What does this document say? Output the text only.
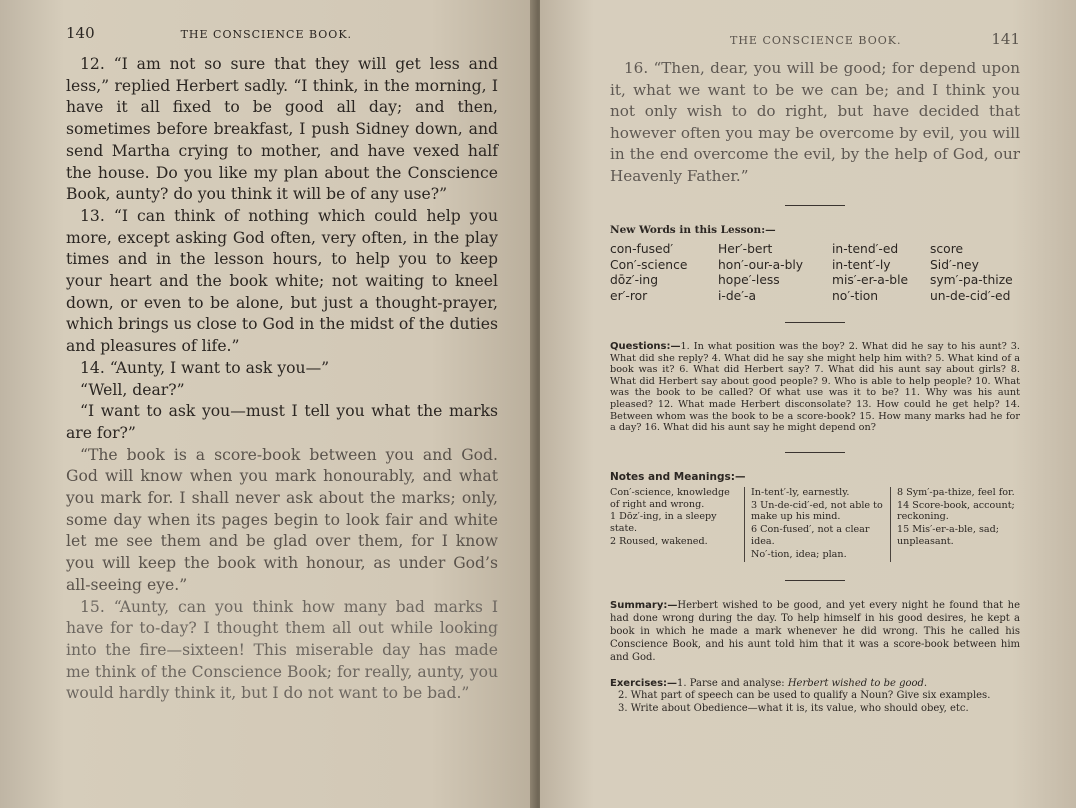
140	THE CONSCIENCE BOOK.

12. “I am not so sure that they will get less and less,” replied Herbert sadly. “I think, in the morning, I have it all fixed to be good all day; and then, sometimes before breakfast, I push Sidney down, and send Martha crying to mother, and have vexed half the house. Do you like my plan about the Conscience Book, aunty? do you think it will be of any use?”

13. “I can think of nothing which could help you more, except asking God often, very often, in the play times and in the lesson hours, to help you to keep your heart and the book white; not waiting to kneel down, or even to be alone, but just a thought-prayer, which brings us close to God in the midst of the duties and pleasures of life.”

14. “Aunty, I want to ask you—”

“Well, dear?”

“I want to ask you—must I tell you what the marks are for?”

“The book is a score-book between you and God. God will know when you mark honourably, and what you mark for. I shall never ask about the marks; only, some day when its pages begin to look fair and white let me see them and be glad over them, for I know you will keep the book with honour, as under God’s all-seeing eye.”

15. “Aunty, can you think how many bad marks I have for to-day? I thought them all out while looking into the fire—sixteen! This miserable day has made me think of the Conscience Book; for really, aunty, you would hardly think it, but I do not want to be bad.”

THE CONSCIENCE BOOK.	141

16. “Then, dear, you will be good; for depend upon it, what we want to be we can be; and I think you not only wish to do right, but have decided that however often you may be overcome by evil, you will in the end overcome the evil, by the help of God, our Heavenly Father.”

New Words in this Lesson:—

con-fused′	Her′-bert	in-tend′-ed	score
Con′-science	hon′-our-a-bly	in-tent′-ly	Sid′-ney
dōz′-ing	hope′-less	mis′-er-a-ble	sym′-pa-thize
er′-ror	i-de′-a	no′-tion	un-de-cid′-ed

Questions:—1. In what position was the boy? 2. What did he say to his aunt? 3. What did she reply? 4. What did he say she might help him with? 5. What kind of a book was it? 6. What did Herbert say? 7. What did his aunt say about girls? 8. What did Herbert say about good people? 9. Who is able to help people? 10. What was the book to be called? Of what use was it to be? 11. Why was his aunt pleased? 12. What made Herbert disconsolate? 13. How could he get help? 14. Between whom was the book to be a score-book? 15. How many marks had he for a day? 16. What did his aunt say he might depend on?

Notes and Meanings:—

Con′-science, knowledge of right and wrong.

1 Dōz′-ing, in a sleepy state.

2 Roused, wakened.

In-tent′-ly, earnestly.

3 Un-de-cid′-ed, not able to make up his mind.

6 Con-fused′, not a clear idea.

No′-tion, idea; plan.

8 Sym′-pa-thize, feel for.

14 Score-book, account; reckoning.

15 Mis′-er-a-ble, sad; unpleasant.

Summary:—Herbert wished to be good, and yet every night he found that he had done wrong during the day. To help himself in his good desires, he kept a book in which he made a mark whenever he did wrong. This he called his Conscience Book, and his aunt told him that it was a score-book between him and God.

Exercises:—1. Parse and analyse: Herbert wished to be good.

2. What part of speech can be used to qualify a Noun? Give six examples.

3. Write about Obedience—what it is, its value, who should obey, etc.
